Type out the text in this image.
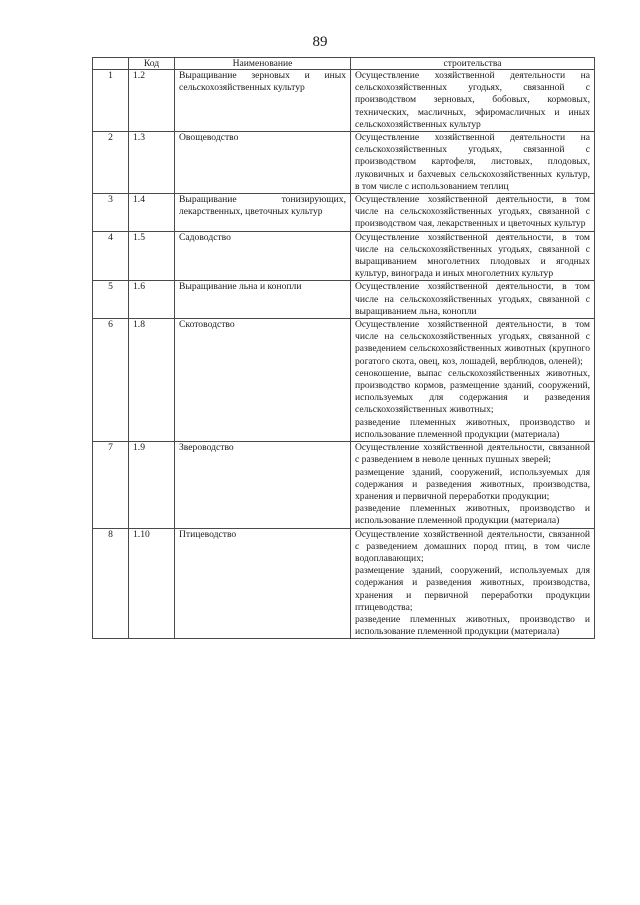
89
	Код	Наименование	строительства
1	1.2	Выращивание зерновых и иных сельскохозяйственных культур	Осуществление хозяйственной деятельности на сельскохозяйственных угодьях, связанной с производством зерновых, бобовых, кормовых, технических, масличных, эфиромасличных и иных сельскохозяйственных культур

2	1.3	Овощеводство	Осуществление хозяйственной деятельности на сельскохозяйственных угодьях, связанной с производством картофеля, листовых, плодовых, луковичных и бахчевых сельскохозяйственных культур, в том числе с использованием теплиц

3	1.4	Выращивание тонизирующих, лекарственных, цветочных культур	Осуществление хозяйственной деятельности, в том числе на сельскохозяйственных угодьях, связанной с производством чая, лекарственных и цветочных культур

4	1.5	Садоводство	Осуществление хозяйственной деятельности, в том числе на сельскохозяйственных угодьях, связанной с выращиванием многолетних плодовых и ягодных культур, винограда и иных многолетних культур

5	1.6	Выращивание льна и конопли	Осуществление хозяйственной деятельности, в том числе на сельскохозяйственных угодьях, связанной с выращиванием льна, конопли

6	1.8	Скотоводство	Осуществление хозяйственной деятельности, в том числе на сельскохозяйственных угодьях, связанной с разведением сельскохозяйственных животных (крупного рогатого скота, овец, коз, лошадей, верблюдов, оленей);
сенокошение, выпас сельскохозяйственных животных, производство кормов, размещение зданий, сооружений, используемых для содержания и разведения сельскохозяйственных животных;
разведение племенных животных, производство и использование племенной продукции (материала)

7	1.9	Звероводство	Осуществление хозяйственной деятельности, связанной с разведением в неволе ценных пушных зверей;
размещение зданий, сооружений, используемых для содержания и разведения животных, производства, хранения и первичной переработки продукции;
разведение племенных животных, производство и использование племенной продукции (материала)

8	1.10	Птицеводство	Осуществление хозяйственной деятельности, связанной с разведением домашних пород птиц, в том числе водоплавающих;
размещение зданий, сооружений, используемых для содержания и разведения животных, производства, хранения и первичной переработки продукции птицеводства;
разведение племенных животных, производство и использование племенной продукции (материала)
